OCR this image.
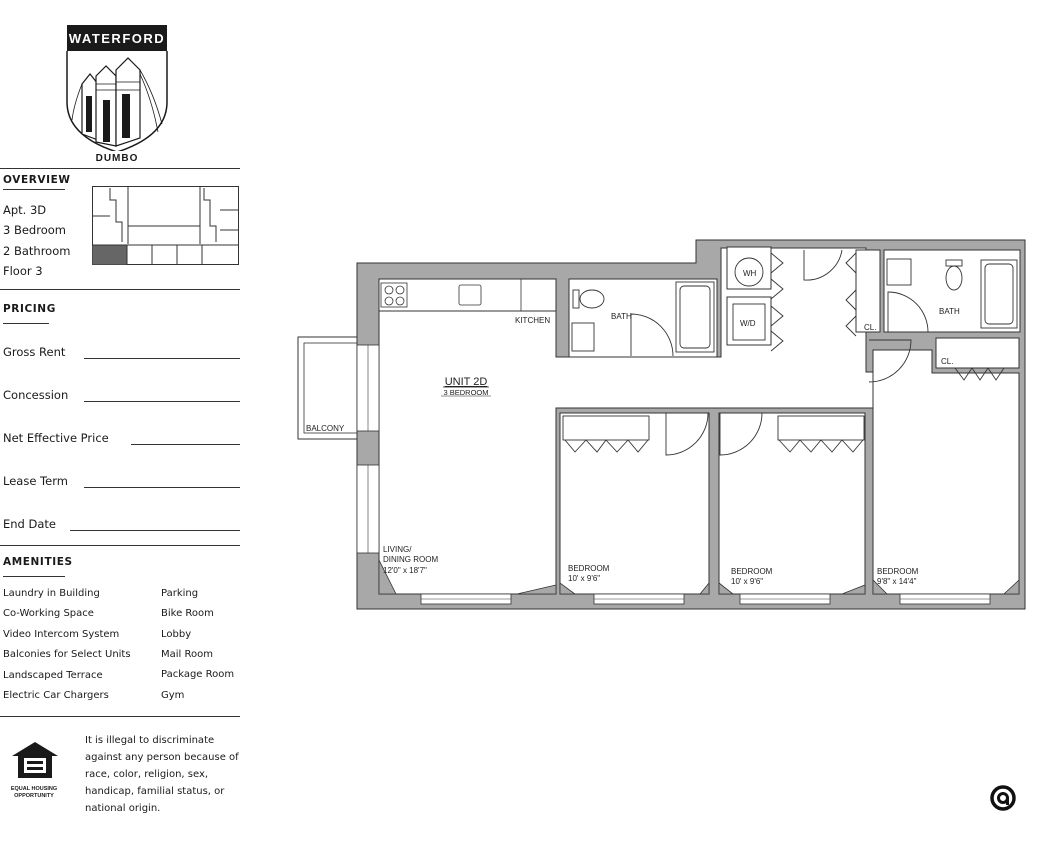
WATERFORD
DUMBO
OVERVIEW
Apt. 3D
3 Bedroom
2 Bathroom
Floor 3
PRICING
Gross Rent
Concession
Net Effective Price
Lease Term
End Date
AMENITIES
Laundry in Building
Co-Working Space
Video Intercom System
Balconies for Select Units
Landscaped Terrace
Electric Car Chargers
Parking
Bike Room
Lobby
Mail Room
Package Room
Gym
EQUAL HOUSING OPPORTUNITY
It is illegal to discriminate against any person because of race, color, religion, sex, handicap, familial status, or national origin.
KITCHEN	BATH
BATH
WH
W/D	CL.
CL.
UNIT 2D
3 BEDROOM
BALCONY
LIVING/
DINING ROOM
12'0" x 18'7"	BEDROOM
10' x 9'6"
BEDROOM
10' x 9'6"
BEDROOM
9'8" x 14'4"
